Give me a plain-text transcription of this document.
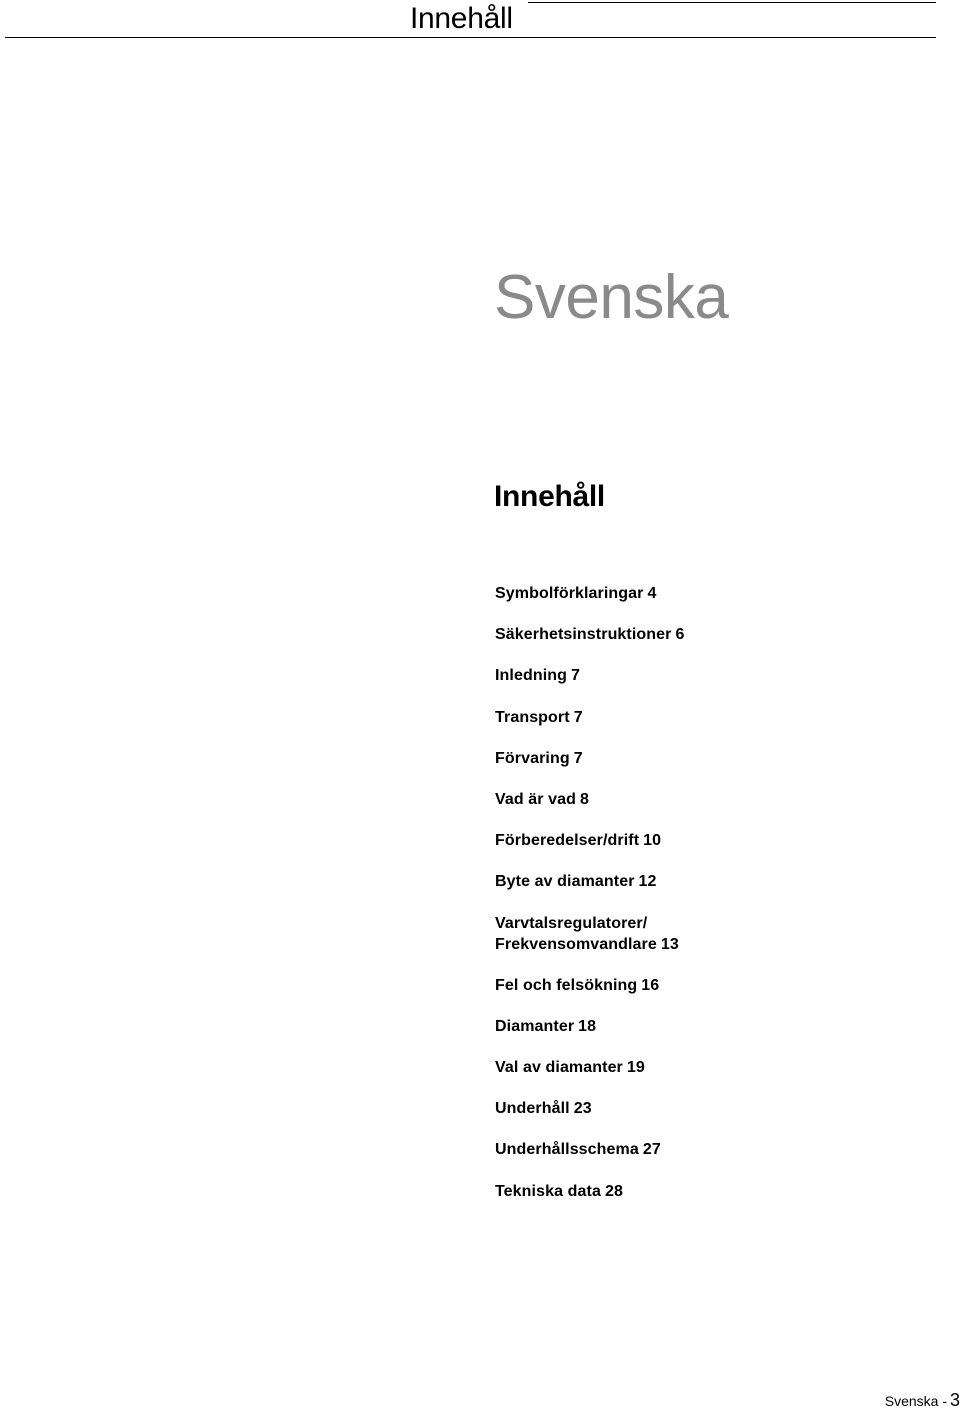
Innehåll
Svenska
Innehåll
Symbolförklaringar 4
Säkerhetsinstruktioner 6
Inledning 7
Transport 7
Förvaring 7
Vad är vad 8
Förberedelser/drift 10
Byte av diamanter 12
Varvtalsregulatorer/
Frekvensomvandlare 13
Fel och felsökning 16
Diamanter 18
Val av diamanter 19
Underhåll 23
Underhållsschema 27
Tekniska data 28
Svenska - 3
